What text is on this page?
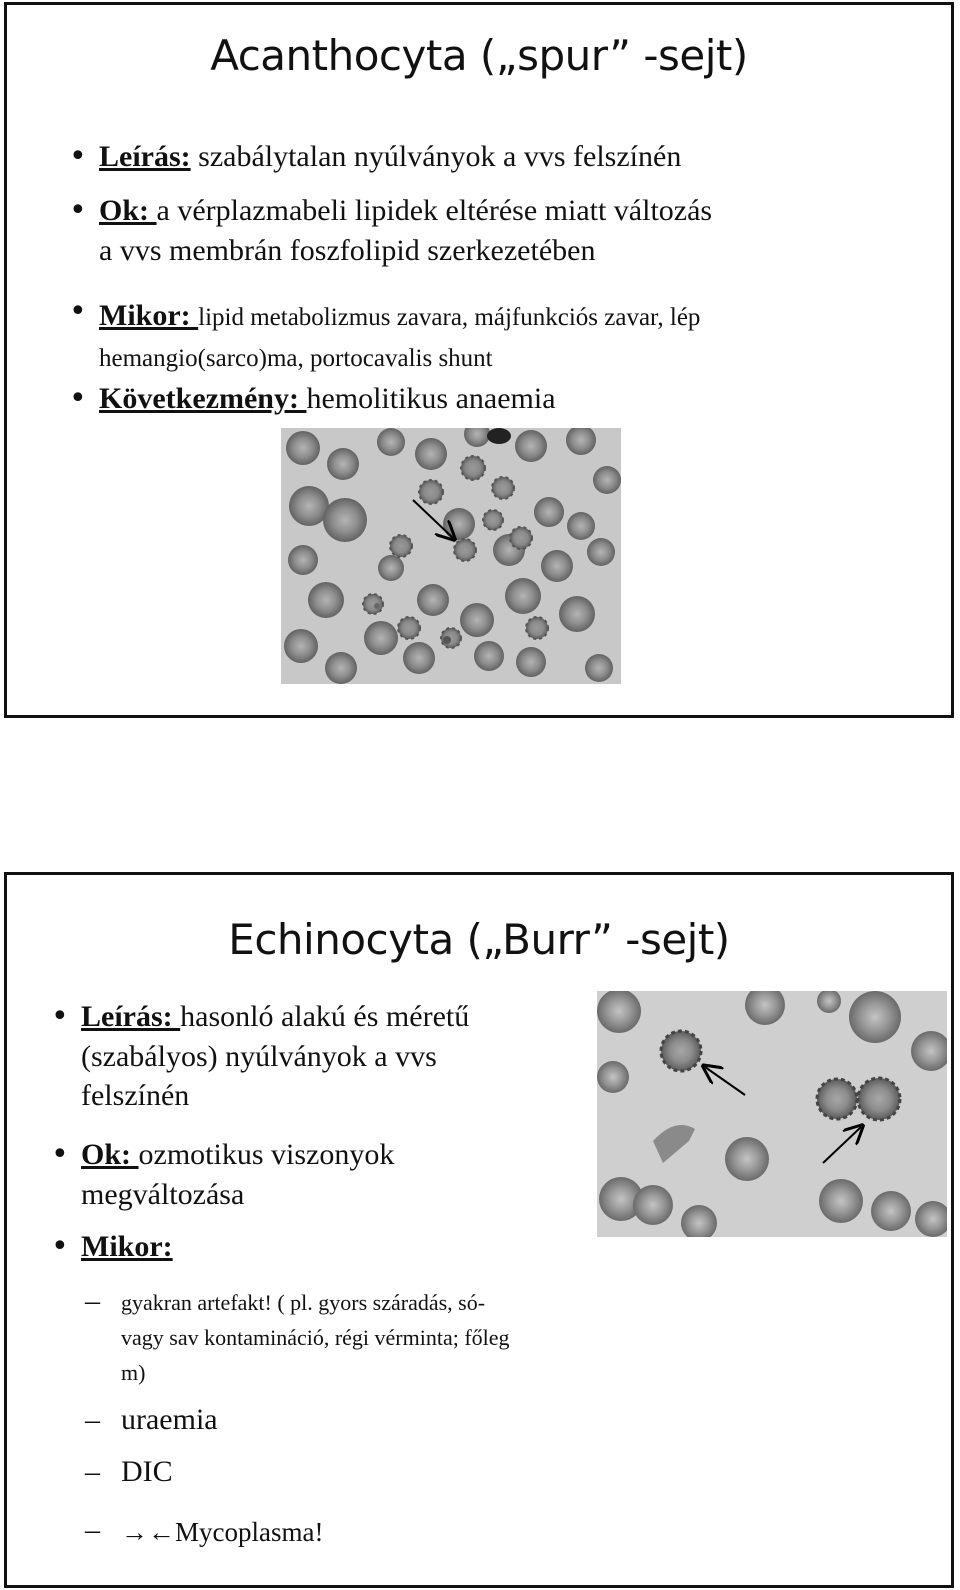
Acanthocyta („spur” -sejt)
• Leírás: szabálytalan nyúlványok a vvs felszínén
• Ok: a vérplazmabeli lipidek eltérése miatt változás
a vvs membrán foszfolipid szerkezetében
• Mikor: lipid metabolizmus zavara, májfunkciós zavar, lép
hemangio(sarco)ma, portocavalis shunt
• Következmény: hemolitikus anaemia
Echinocyta („Burr” -sejt)
• Leírás: hasonló alakú és méretű
(szabályos) nyúlványok a vvs
felszínén
• Ok: ozmotikus viszonyok
megváltozása
• Mikor:
– gyakran artefakt! ( pl. gyors száradás, só-
vagy sav kontamináció, régi vérminta; főleg
m)
– uraemia
– DIC
– →←Mycoplasma!
